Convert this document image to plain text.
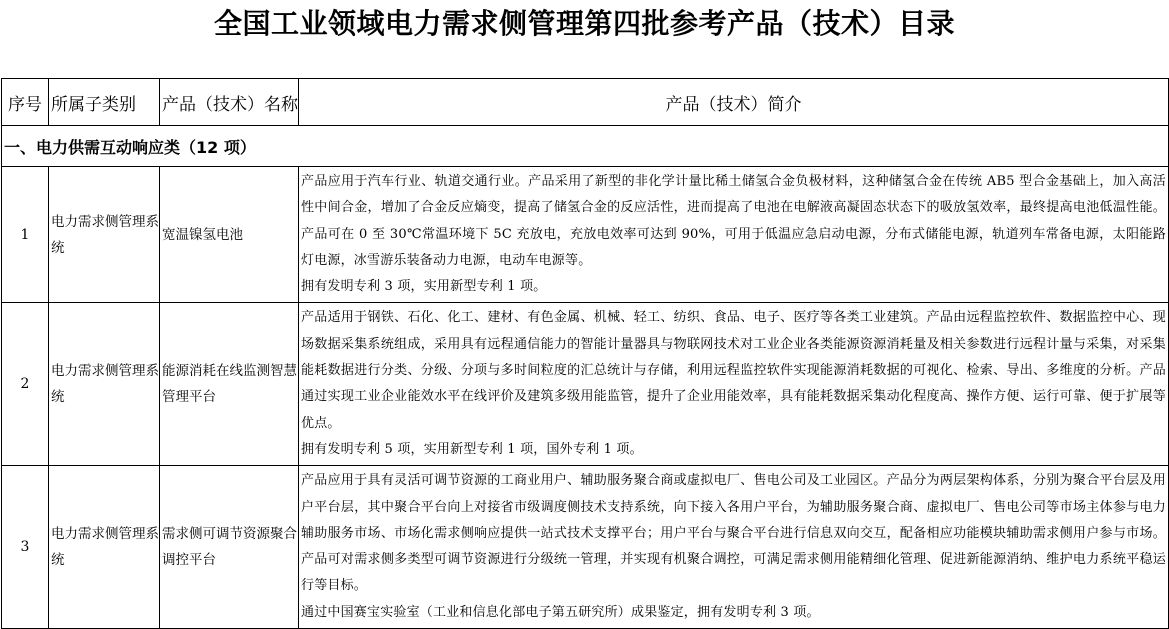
全国工业领域电力需求侧管理第四批参考产品（技术）目录
序号	所属子类别	产品（技术）名称	产品（技术）简介
一、电力供需互动响应类（12 项）			
1	电力需求侧管理系统	宽温镍氢电池	产品应用于汽车行业、轨道交通行业。产品采用了新型的非化学计量比稀土储氢合金负极材料，这种储氢合金在传统 AB5 型合金基础上，加入高活性中间合金，增加了合金反应熵变，提高了储氢合金的反应活性，进而提高了电池在电解液高凝固态状态下的吸放氢效率，最终提高电池低温性能。产品可在 0 至 30℃常温环境下 5C 充放电，充放电效率可达到 90%，可用于低温应急启动电源，分布式储能电源，轨道列车常备电源，太阳能路灯电源，冰雪游乐装备动力电源，电动车电源等。

拥有发明专利 3 项，实用新型专利 1 项。

2	电力需求侧管理系统	能源消耗在线监测智慧管理平台	产品适用于钢铁、石化、化工、建材、有色金属、机械、轻工、纺织、食品、电子、医疗等各类工业建筑。产品由远程监控软件、数据监控中心、现场数据采集系统组成，采用具有远程通信能力的智能计量器具与物联网技术对工业企业各类能源资源消耗量及相关参数进行远程计量与采集，对采集能耗数据进行分类、分级、分项与多时间粒度的汇总统计与存储，利用远程监控软件实现能源消耗数据的可视化、检索、导出、多维度的分析。产品通过实现工业企业能效水平在线评价及建筑多级用能监管，提升了企业用能效率，具有能耗数据采集动化程度高、操作方便、运行可靠、便于扩展等优点。

拥有发明专利 5 项，实用新型专利 1 项，国外专利 1 项。

3	电力需求侧管理系统	需求侧可调节资源聚合调控平台	产品应用于具有灵活可调节资源的工商业用户、辅助服务聚合商或虚拟电厂、售电公司及工业园区。产品分为两层架构体系，分别为聚合平台层及用户平台层，其中聚合平台向上对接省市级调度侧技术支持系统，向下接入各用户平台，为辅助服务聚合商、虚拟电厂、售电公司等市场主体参与电力辅助服务市场、市场化需求侧响应提供一站式技术支撑平台；用户平台与聚合平台进行信息双向交互，配备相应功能模块辅助需求侧用户参与市场。产品可对需求侧多类型可调节资源进行分级统一管理，并实现有机聚合调控，可满足需求侧用能精细化管理、促进新能源消纳、维护电力系统平稳运行等目标。

通过中国赛宝实验室（工业和信息化部电子第五研究所）成果鉴定，拥有发明专利 3 项。
